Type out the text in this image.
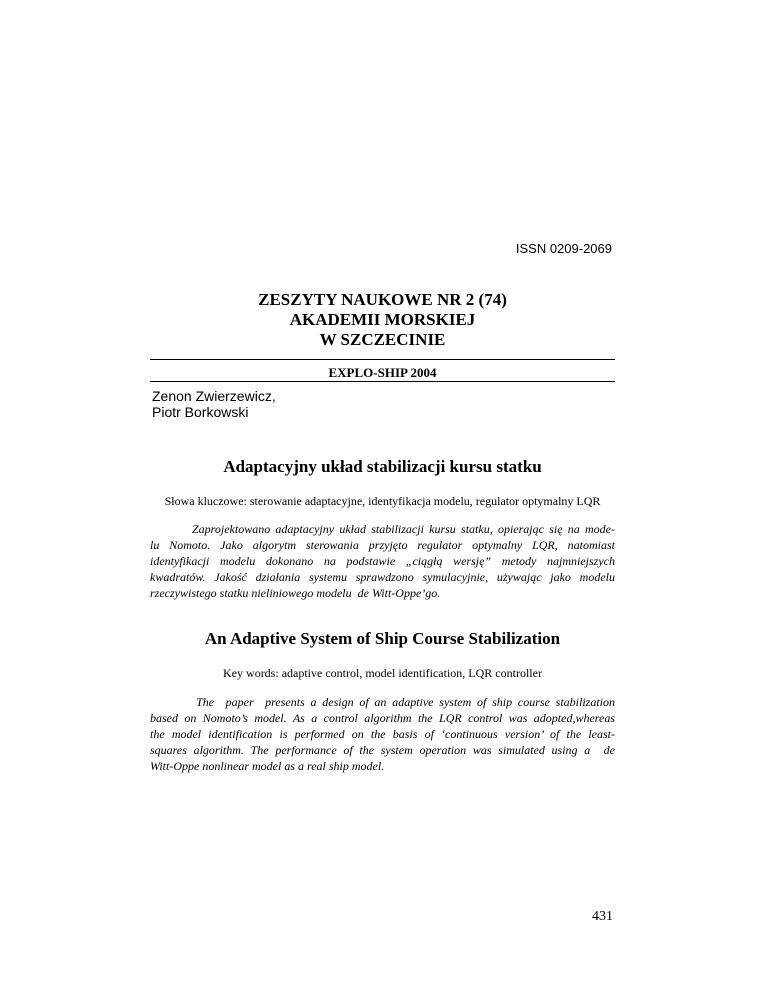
ISSN 0209-2069
ZESZYTY NAUKOWE NR 2 (74)
AKADEMII MORSKIEJ
W SZCZECINIE
EXPLO-SHIP 2004
Zenon Zwierzewicz,
Piotr Borkowski
Adaptacyjny układ stabilizacji kursu statku
Słowa kluczowe: sterowanie adaptacyjne, identyfikacja modelu, regulator optymalny LQR
Zaprojektowano adaptacyjny układ stabilizacji kursu statku, opierając się na mode-
lu Nomoto. Jako algorytm sterowania przyjęto regulator optymalny LQR, natomiast
identyfikacji modelu dokonano na podstawie „ciągłą wersję” metody najmniejszych
kwadratów. Jakość działania systemu sprawdzono symulacyjnie, używając jako modelu
rzeczywistego statku nieliniowego modelu  de Witt-Oppe’go.
An Adaptive System of Ship Course Stabilization
Key words: adaptive control, model identification, LQR controller
The  paper  presents a design of an adaptive system of ship course stabilization
based on Nomoto’s model. As a control algorithm the LQR control was adopted,whereas
the model identification is performed on the basis of ‘continuous version’ of the least-
squares algorithm. The performance of the system operation was simulated using a  de
Witt-Oppe nonlinear model as a real ship model.
431
